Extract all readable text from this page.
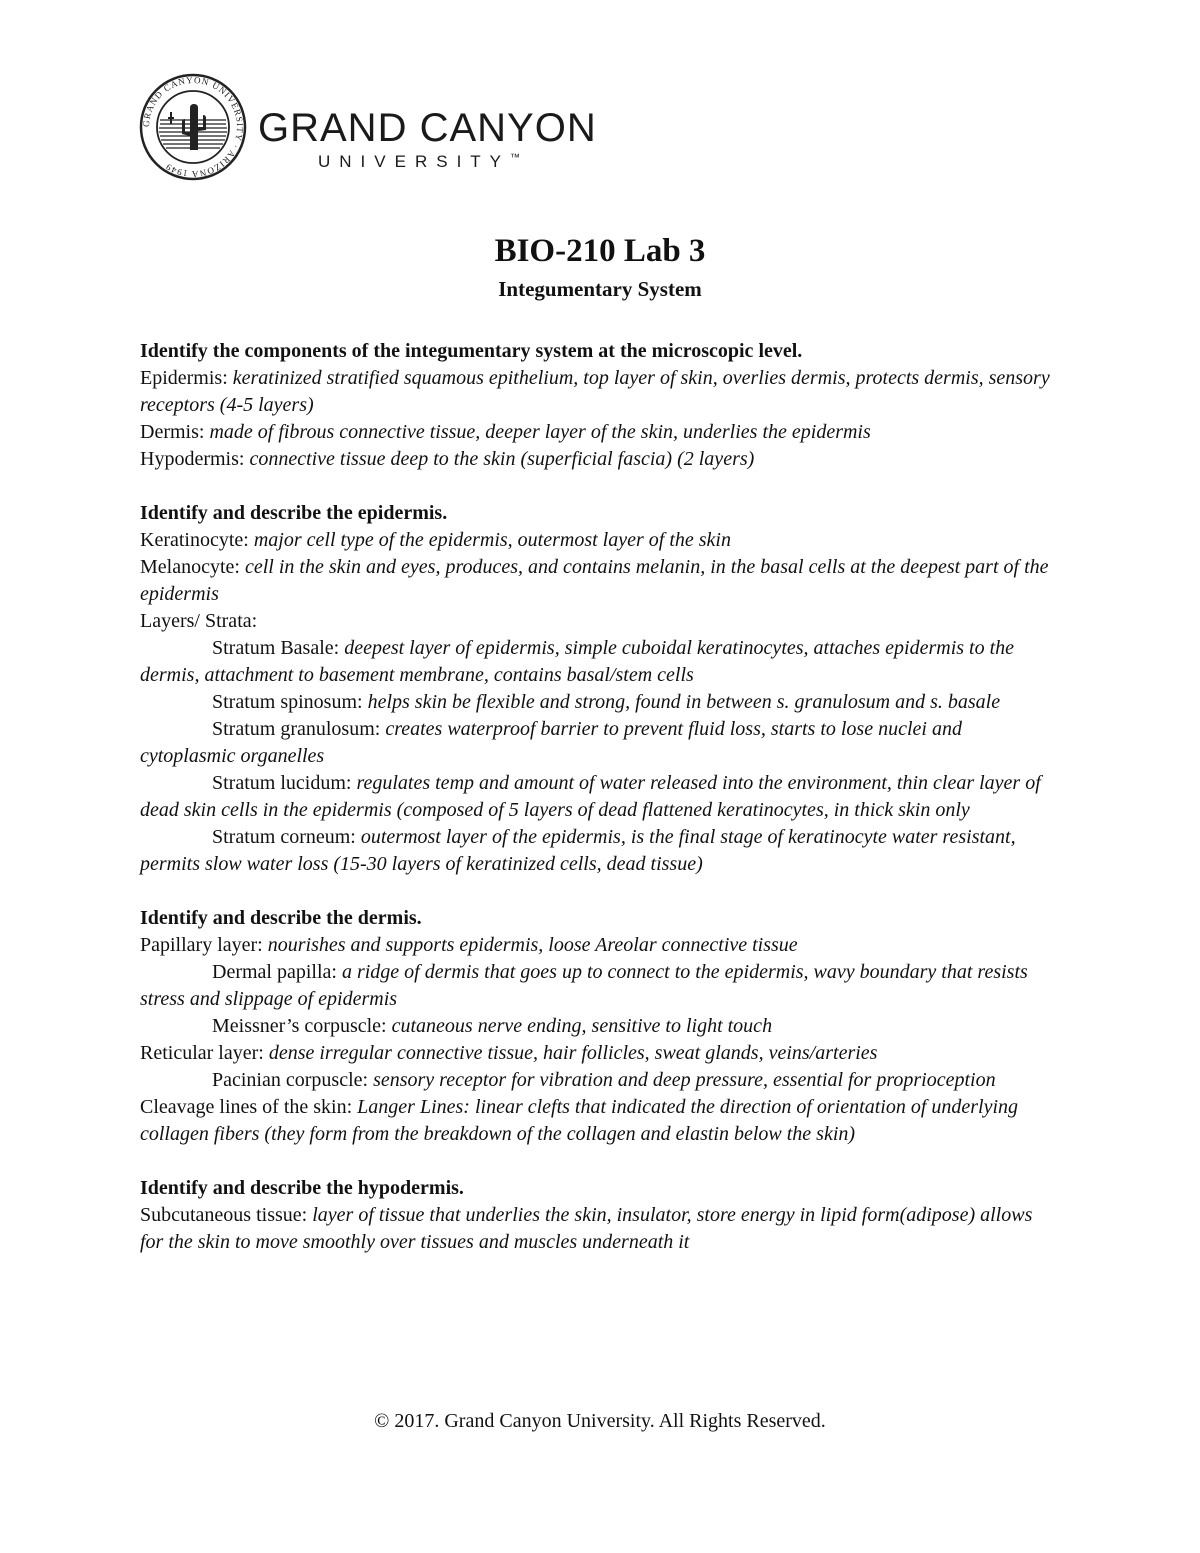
GRAND CANYON UNIVERSITY · ARIZONA 1949
GRAND CANYON
UNIVERSITY™
BIO-210 Lab 3
Integumentary System

Identify the components of the integumentary system at the microscopic level.

Epidermis: keratinized stratified squamous epithelium, top layer of skin, overlies dermis, protects dermis, sensory receptors (4-5 layers)

Dermis: made of fibrous connective tissue, deeper layer of the skin, underlies the epidermis

Hypodermis: connective tissue deep to the skin (superficial fascia) (2 layers)

Identify and describe the epidermis.

Keratinocyte: major cell type of the epidermis, outermost layer of the skin

Melanocyte: cell in the skin and eyes, produces, and contains melanin, in the basal cells at the deepest part of the epidermis

Layers/ Strata:

Stratum Basale: deepest layer of epidermis, simple cuboidal keratinocytes, attaches epidermis to the dermis, attachment to basement membrane, contains basal/stem cells

Stratum spinosum: helps skin be flexible and strong, found in between s. granulosum and s. basale

Stratum granulosum: creates waterproof barrier to prevent fluid loss, starts to lose nuclei and cytoplasmic organelles

Stratum lucidum: regulates temp and amount of water released into the environment, thin clear layer of dead skin cells in the epidermis (composed of 5 layers of dead flattened keratinocytes, in thick skin only

Stratum corneum: outermost layer of the epidermis, is the final stage of keratinocyte water resistant, permits slow water loss (15-30 layers of keratinized cells, dead tissue)

Identify and describe the dermis.

Papillary layer: nourishes and supports epidermis, loose Areolar connective tissue

Dermal papilla: a ridge of dermis that goes up to connect to the epidermis, wavy boundary that resists stress and slippage of epidermis

Meissner’s corpuscle: cutaneous nerve ending, sensitive to light touch

Reticular layer: dense irregular connective tissue, hair follicles, sweat glands, veins/arteries

Pacinian corpuscle: sensory receptor for vibration and deep pressure, essential for proprioception

Cleavage lines of the skin: Langer Lines: linear clefts that indicated the direction of orientation of underlying collagen fibers (they form from the breakdown of the collagen and elastin below the skin)

Identify and describe the hypodermis.

Subcutaneous tissue: layer of tissue that underlies the skin, insulator, store energy in lipid form(adipose) allows for the skin to move smoothly over tissues and muscles underneath it

© 2017. Grand Canyon University. All Rights Reserved.
